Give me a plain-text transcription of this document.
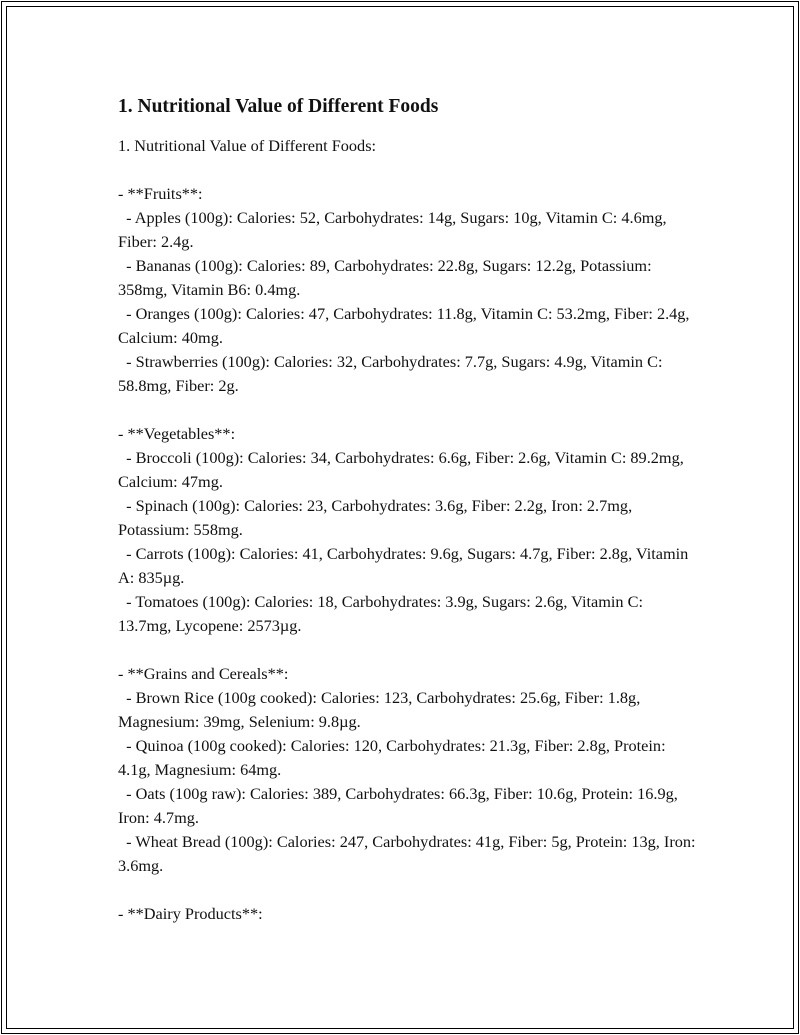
1. Nutritional Value of Different Foods

1. Nutritional Value of Different Foods:

- **Fruits**:

- Apples (100g): Calories: 52, Carbohydrates: 14g, Sugars: 10g, Vitamin C: 4.6mg, Fiber: 2.4g.

- Bananas (100g): Calories: 89, Carbohydrates: 22.8g, Sugars: 12.2g, Potassium: 358mg, Vitamin B6: 0.4mg.

- Oranges (100g): Calories: 47, Carbohydrates: 11.8g, Vitamin C: 53.2mg, Fiber: 2.4g, Calcium: 40mg.

- Strawberries (100g): Calories: 32, Carbohydrates: 7.7g, Sugars: 4.9g, Vitamin C: 58.8mg, Fiber: 2g.

- **Vegetables**:

- Broccoli (100g): Calories: 34, Carbohydrates: 6.6g, Fiber: 2.6g, Vitamin C: 89.2mg, Calcium: 47mg.

- Spinach (100g): Calories: 23, Carbohydrates: 3.6g, Fiber: 2.2g, Iron: 2.7mg, Potassium: 558mg.

- Carrots (100g): Calories: 41, Carbohydrates: 9.6g, Sugars: 4.7g, Fiber: 2.8g, Vitamin A: 835µg.

- Tomatoes (100g): Calories: 18, Carbohydrates: 3.9g, Sugars: 2.6g, Vitamin C: 13.7mg, Lycopene: 2573µg.

- **Grains and Cereals**:

- Brown Rice (100g cooked): Calories: 123, Carbohydrates: 25.6g, Fiber: 1.8g, Magnesium: 39mg, Selenium: 9.8µg.

- Quinoa (100g cooked): Calories: 120, Carbohydrates: 21.3g, Fiber: 2.8g, Protein: 4.1g, Magnesium: 64mg.

- Oats (100g raw): Calories: 389, Carbohydrates: 66.3g, Fiber: 10.6g, Protein: 16.9g, Iron: 4.7mg.

- Wheat Bread (100g): Calories: 247, Carbohydrates: 41g, Fiber: 5g, Protein: 13g, Iron: 3.6mg.

- **Dairy Products**:
